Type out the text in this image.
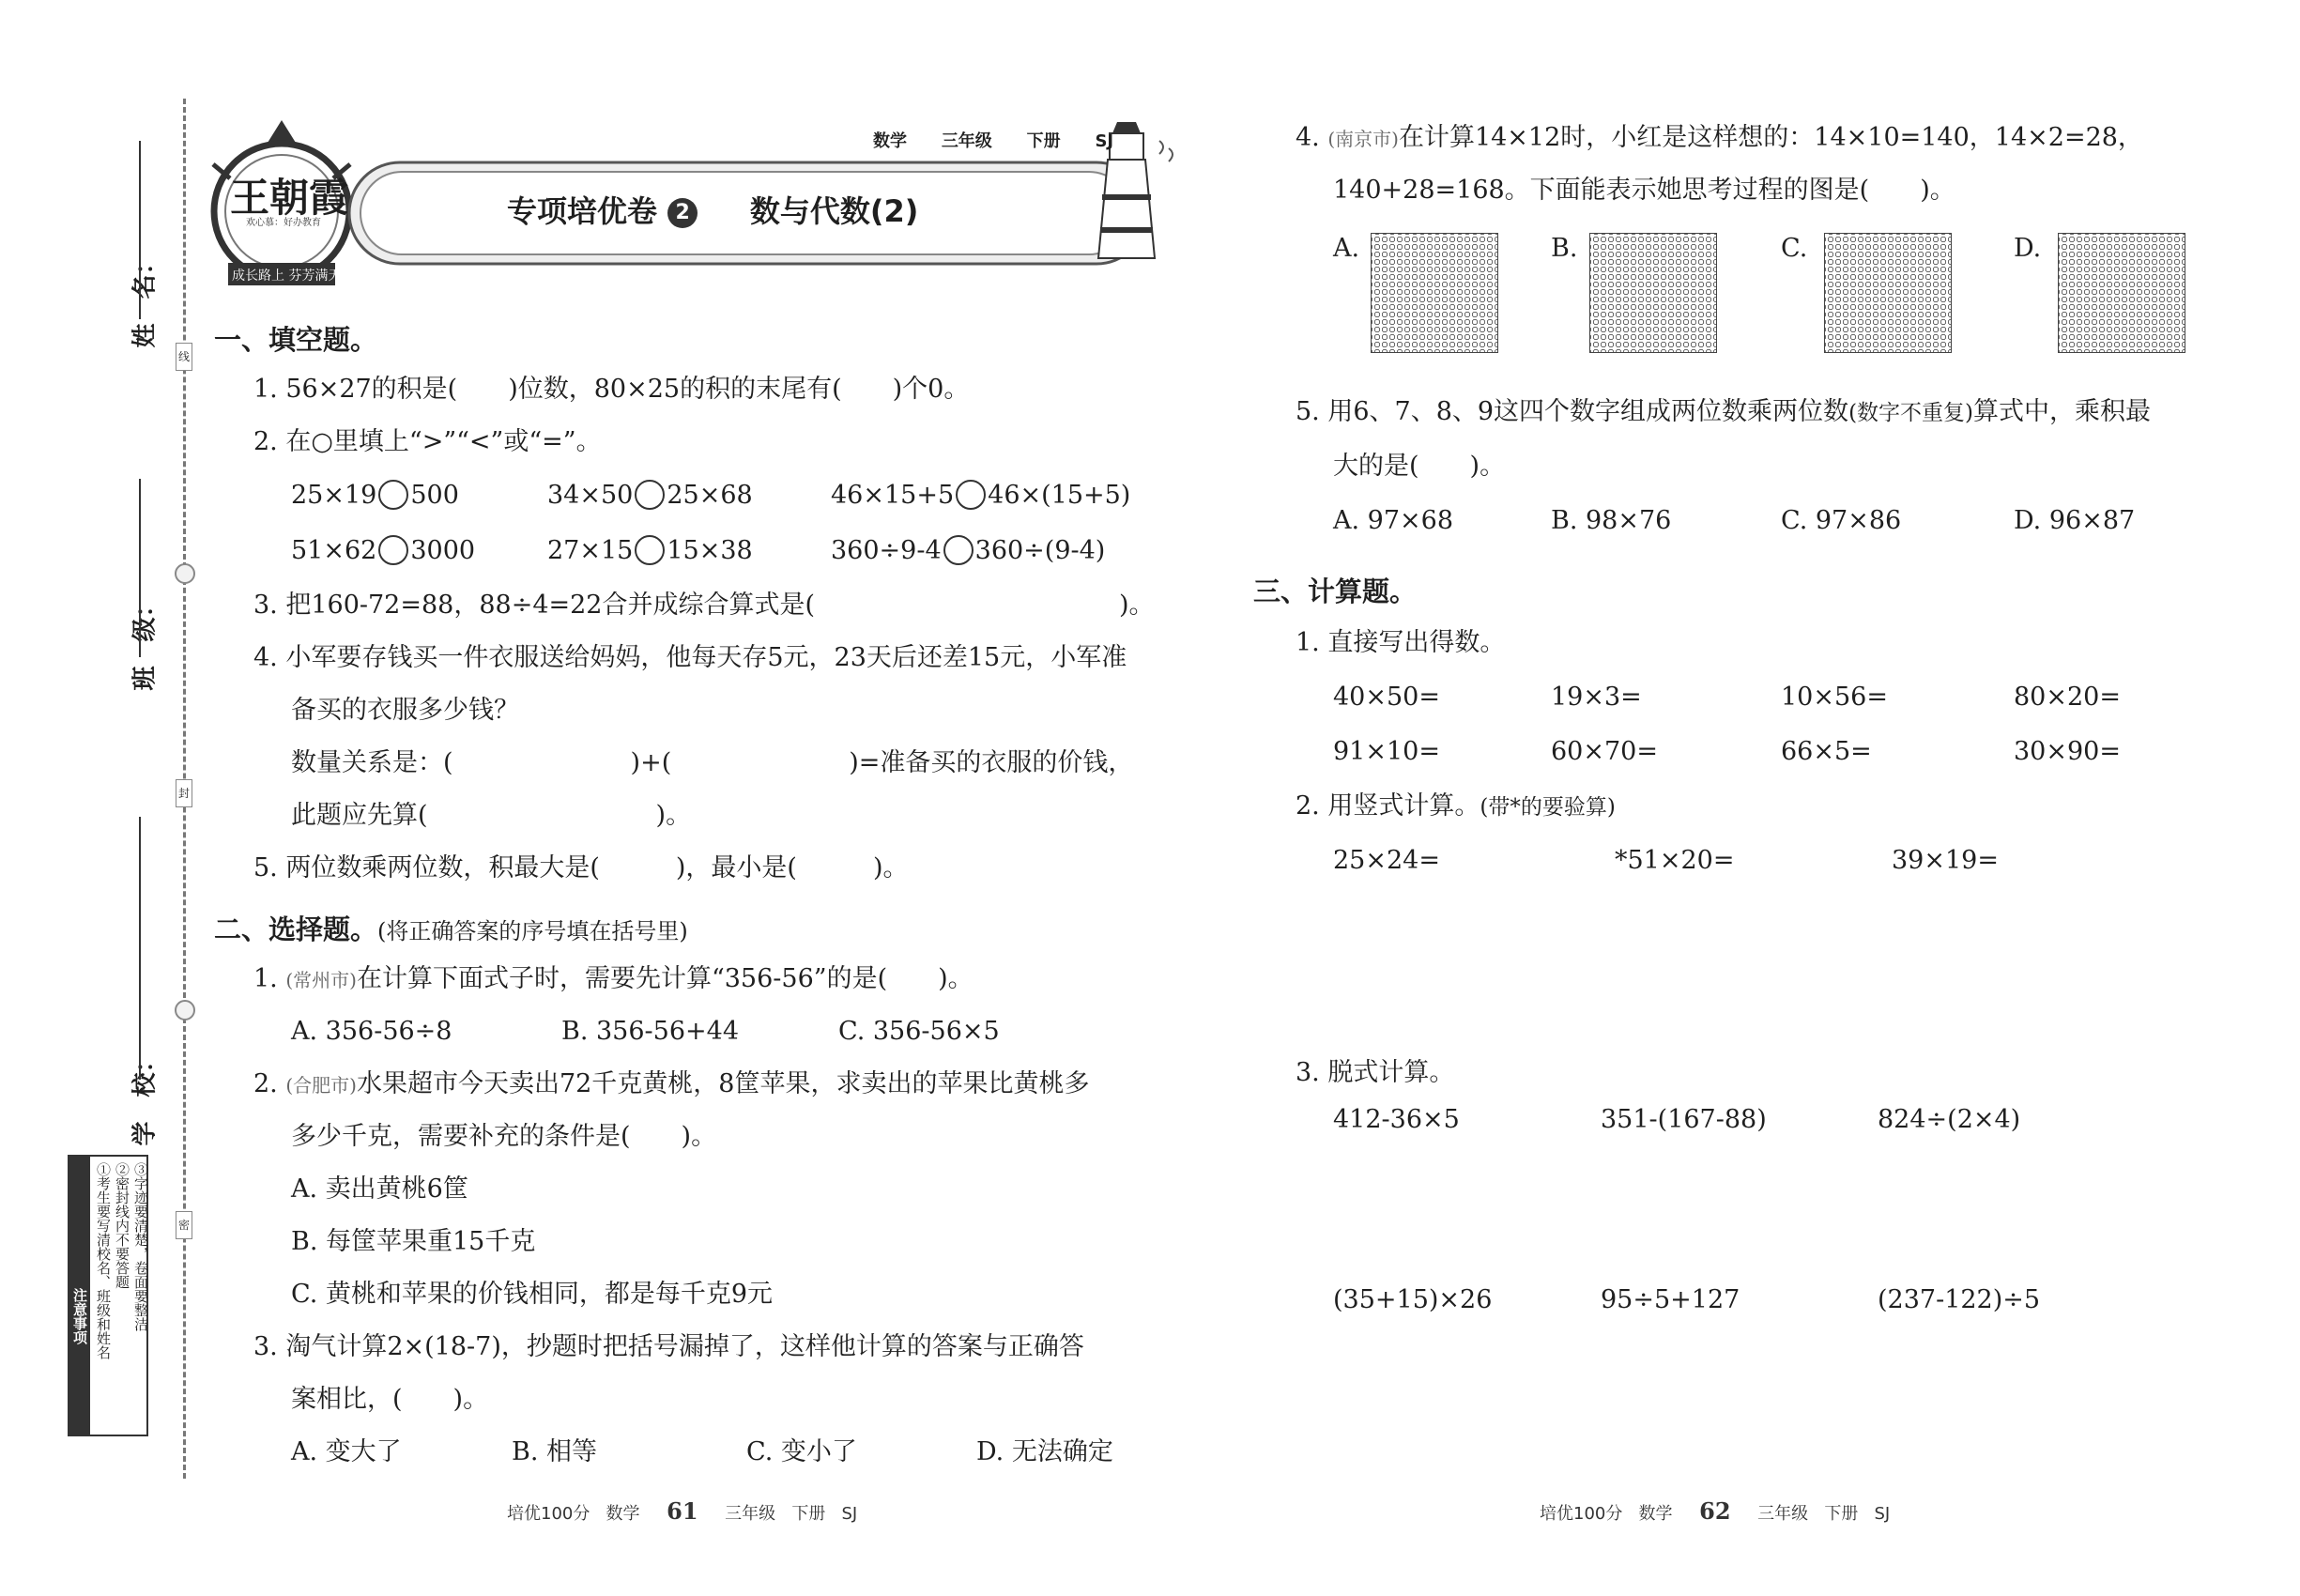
姓　名：
班　级：
学　校：
线
封
密
注意事项 ①考生要写清校名、班级和姓名 ②密封线内不要答题 ③字迹要清楚，卷面要整洁
王朝霞
欢心慕：好办教育
成长路上 芬芳满天
数学 三年级 下册 SJ
专项培优卷 2 数与代数(2)
一、填空题。
1. 56×27的积是(　　)位数，80×25的积的末尾有(　　)个0。
2. 在○里填上“>”“<”或“=”。
25×19 500	34×50 25×68	46×15+5 46×(15+5)
51×62 3000	27×15 15×38	360÷9-4 360÷(9-4)
3. 把160-72=88，88÷4=22合并成综合算式是(　　　　　　　　　　　　)。
4. 小军要存钱买一件衣服送给妈妈，他每天存5元，23天后还差15元，小军准
备买的衣服多少钱？
数量关系是：(　　　　　　　)+(　　　　　　　)=准备买的衣服的价钱，
此题应先算(　　　　　　　　　)。
5. 两位数乘两位数，积最大是(　　　)，最小是(　　　)。
二、选择题。(将正确答案的序号填在括号里)
1. (常州市)在计算下面式子时，需要先计算“356-56”的是(　　)。
A. 356-56÷8	B. 356-56+44	C. 356-56×5
2. (合肥市)水果超市今天卖出72千克黄桃，8筐苹果，求卖出的苹果比黄桃多
多少千克，需要补充的条件是(　　)。
A. 卖出黄桃6筐
B. 每筐苹果重15千克
C. 黄桃和苹果的价钱相同，都是每千克9元
3. 淘气计算2×(18-7)，抄题时把括号漏掉了，这样他计算的答案与正确答
案相比，(　　)。
A. 变大了	B. 相等	C. 变小了	D. 无法确定
培优100分 数学 61 三年级 下册 SJ
4. (南京市)在计算14×12时，小红是这样想的：14×10=140，14×2=28，
140+28=168。下面能表示她思考过程的图是(　　)。
A.	B.	C.	D.
5. 用6、7、8、9这四个数字组成两位数乘两位数(数字不重复)算式中，乘积最
大的是(　　)。
A. 97×68	B. 98×76	C. 97×86	D. 96×87
三、计算题。
1. 直接写出得数。
40×50=	19×3=	10×56=	80×20=
91×10=	60×70=	66×5=	30×90=
2. 用竖式计算。(带*的要验算)
25×24=	*51×20=	39×19=
3. 脱式计算。
412-36×5	351-(167-88)	824÷(2×4)
(35+15)×26	95÷5+127	(237-122)÷5
培优100分 数学 62 三年级 下册 SJ
